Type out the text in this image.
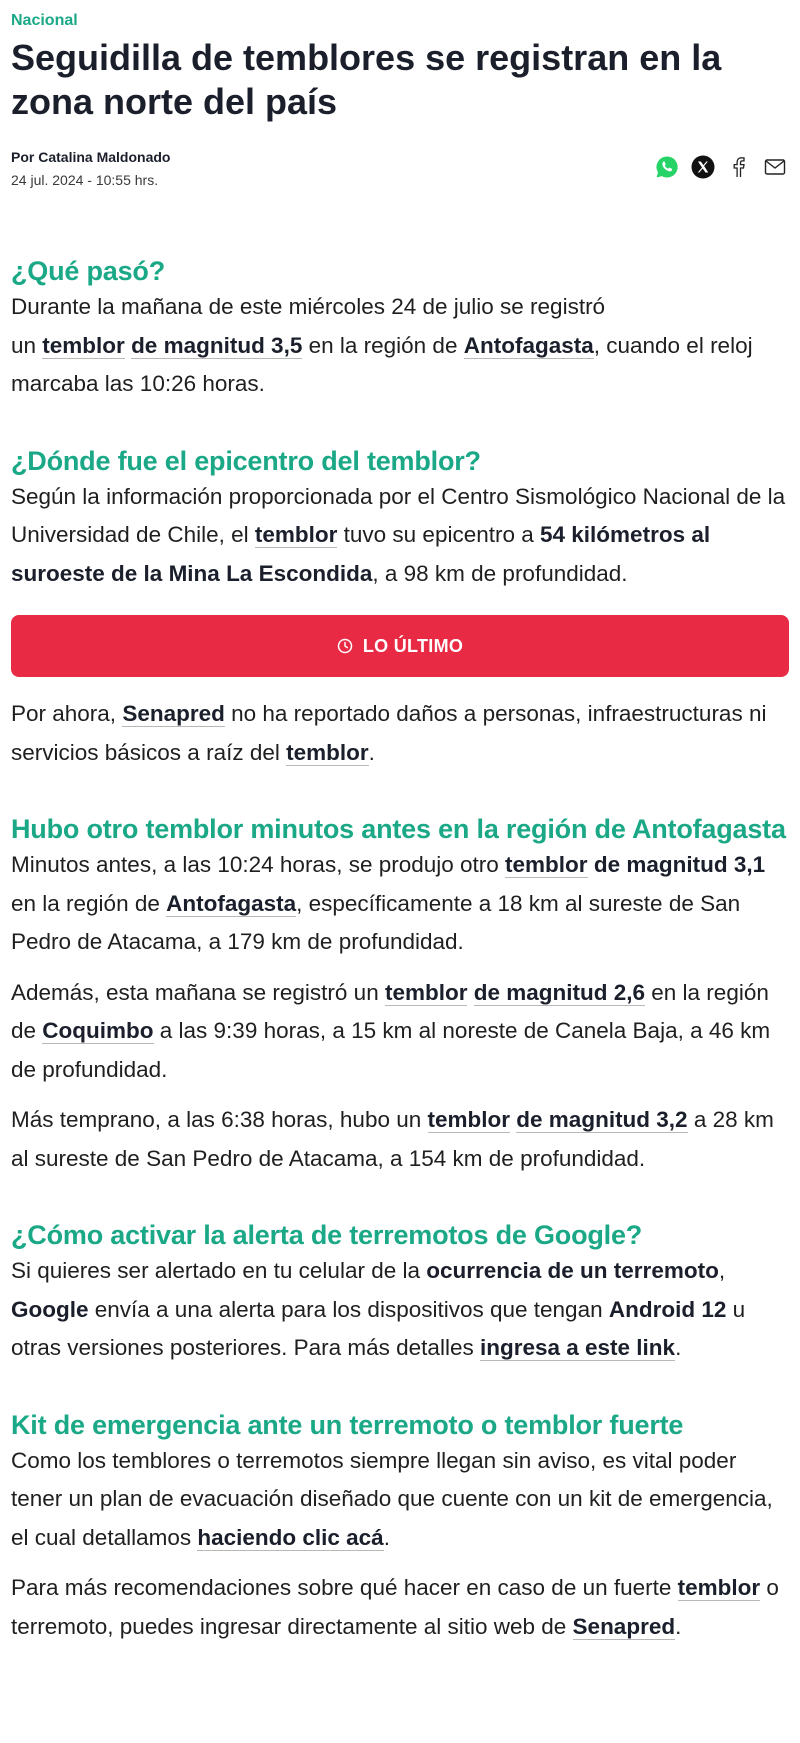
Nacional
Seguidilla de temblores se registran en la zona norte del país
Por Catalina Maldonado
24 jul. 2024 - 10:55 hrs.
¿Qué pasó?

Durante la mañana de este miércoles 24 de julio se registró
un temblor de magnitud 3,5 en la región de Antofagasta, cuando el reloj marcaba las 10:26 horas.

¿Dónde fue el epicentro del temblor?

Según la información proporcionada por el Centro Sismológico Nacional de la Universidad de Chile, el temblor tuvo su epicentro a 54 kilómetros al suroeste de la Mina La Escondida, a 98 km de profundidad.

LO ÚLTIMO

Por ahora, Senapred no ha reportado daños a personas, infraestructuras ni servicios básicos a raíz del temblor.

Hubo otro temblor minutos antes en la región de Antofagasta

Minutos antes, a las 10:24 horas, se produjo otro temblor de magnitud 3,1 en la región de Antofagasta, específicamente a 18 km al sureste de San Pedro de Atacama, a 179 km de profundidad.

Además, esta mañana se registró un temblor de magnitud 2,6 en la región de Coquimbo a las 9:39 horas, a 15 km al noreste de Canela Baja, a 46 km de profundidad.

Más temprano, a las 6:38 horas, hubo un temblor de magnitud 3,2 a 28 km al sureste de San Pedro de Atacama, a 154 km de profundidad.

¿Cómo activar la alerta de terremotos de Google?

Si quieres ser alertado en tu celular de la ocurrencia de un terremoto, Google envía a una alerta para los dispositivos que tengan Android 12 u otras versiones posteriores. Para más detalles ingresa a este link.

Kit de emergencia ante un terremoto o temblor fuerte

Como los temblores o terremotos siempre llegan sin aviso, es vital poder tener un plan de evacuación diseñado que cuente con un kit de emergencia, el cual detallamos haciendo clic acá.

Para más recomendaciones sobre qué hacer en caso de un fuerte temblor o terremoto, puedes ingresar directamente al sitio web de Senapred.
